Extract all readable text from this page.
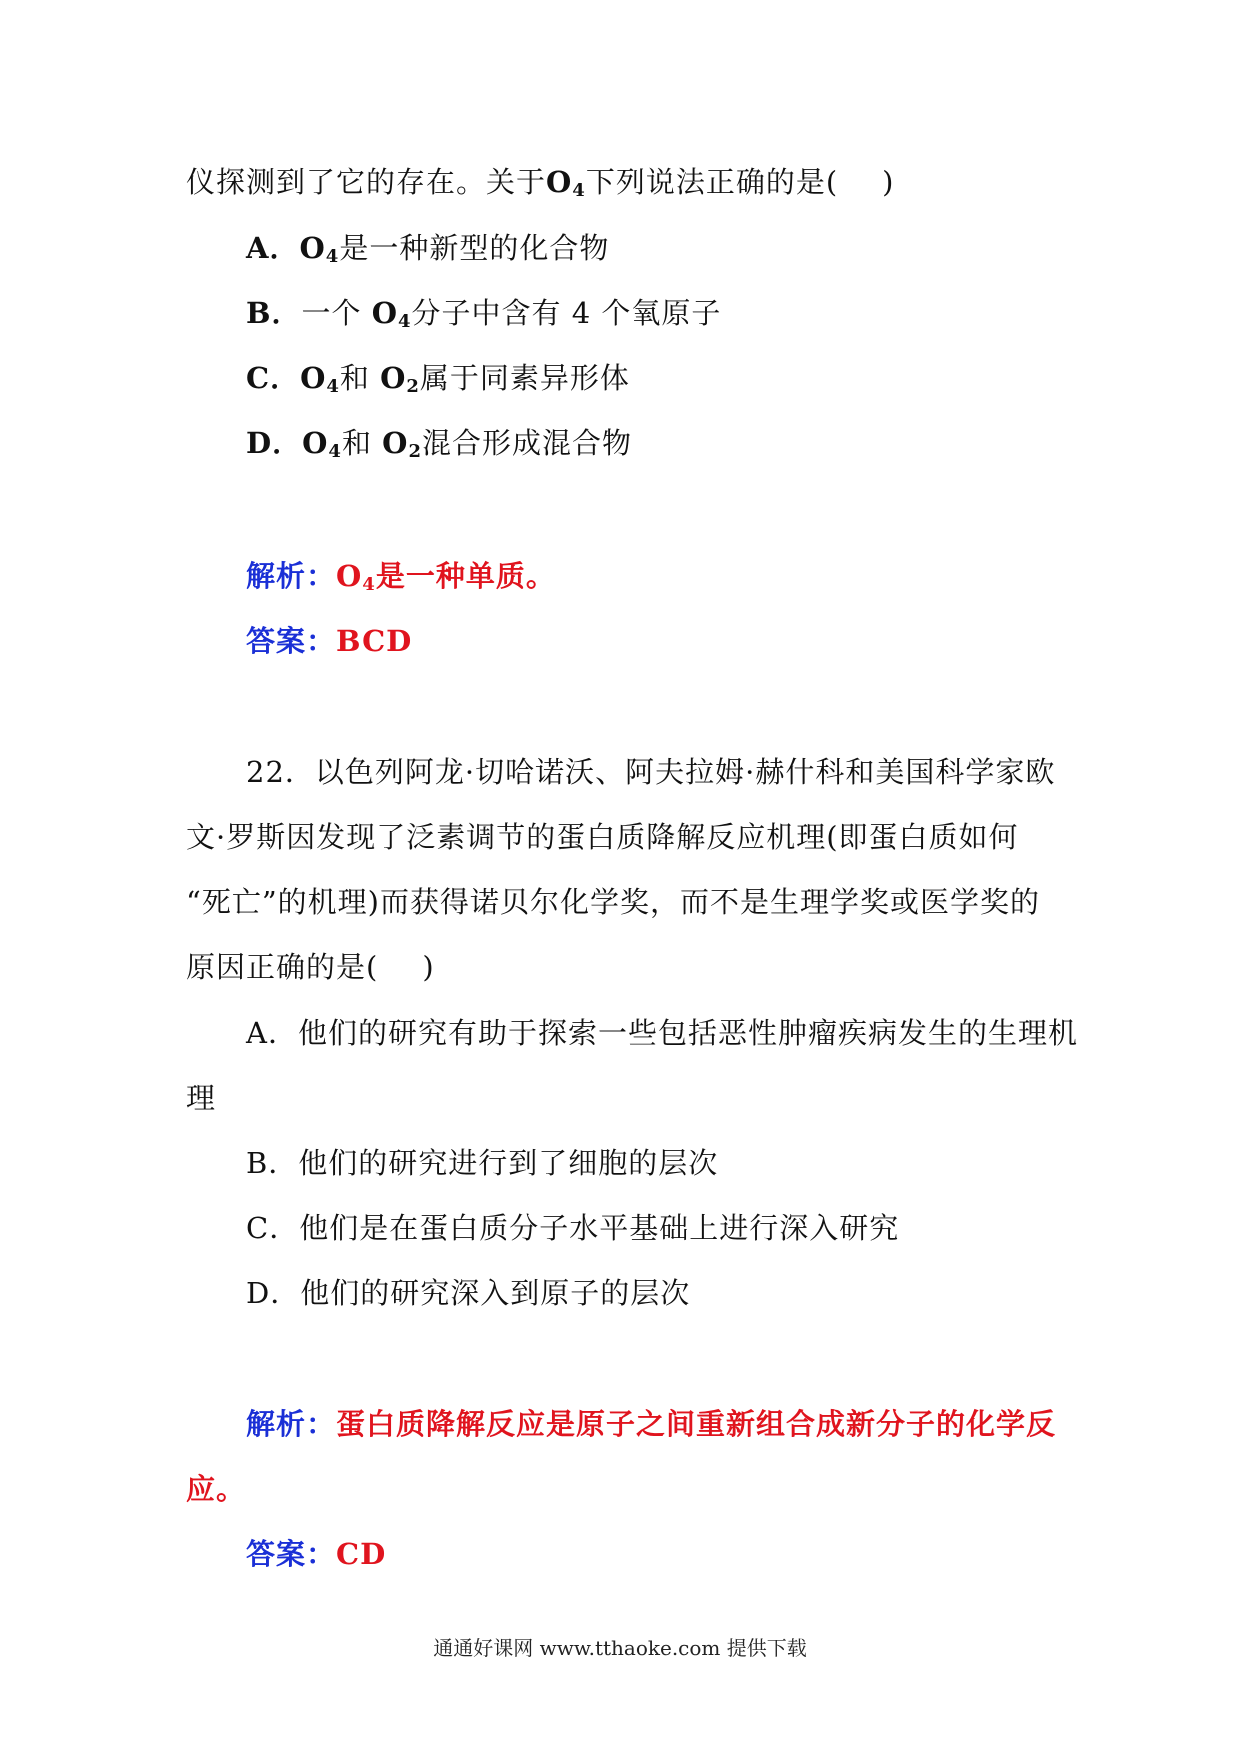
仪探测到了它的存在。关于$O_4$下列说法正确的是( )
A．$O_4$是一种新型的化合物
B．一个 $O_4$分子中含有 4 个氧原子
C．$O_4$和 $O_2$属于同素异形体
D．$O_4$和 $O_2$混合形成混合物
解析：$O_4$是一种单质。
答案：BCD
22．以色列阿龙·切哈诺沃、阿夫拉姆·赫什科和美国科学家欧
文·罗斯因发现了泛素调节的蛋白质降解反应机理(即蛋白质如何
“死亡”的机理)而获得诺贝尔化学奖，而不是生理学奖或医学奖的
原因正确的是( )
A．他们的研究有助于探索一些包括恶性肿瘤疾病发生的生理机
理
B．他们的研究进行到了细胞的层次
C．他们是在蛋白质分子水平基础上进行深入研究
D．他们的研究深入到原子的层次
解析：蛋白质降解反应是原子之间重新组合成新分子的化学反
应。
答案：CD
通通好课网 www.tthaoke.com 提供下载
